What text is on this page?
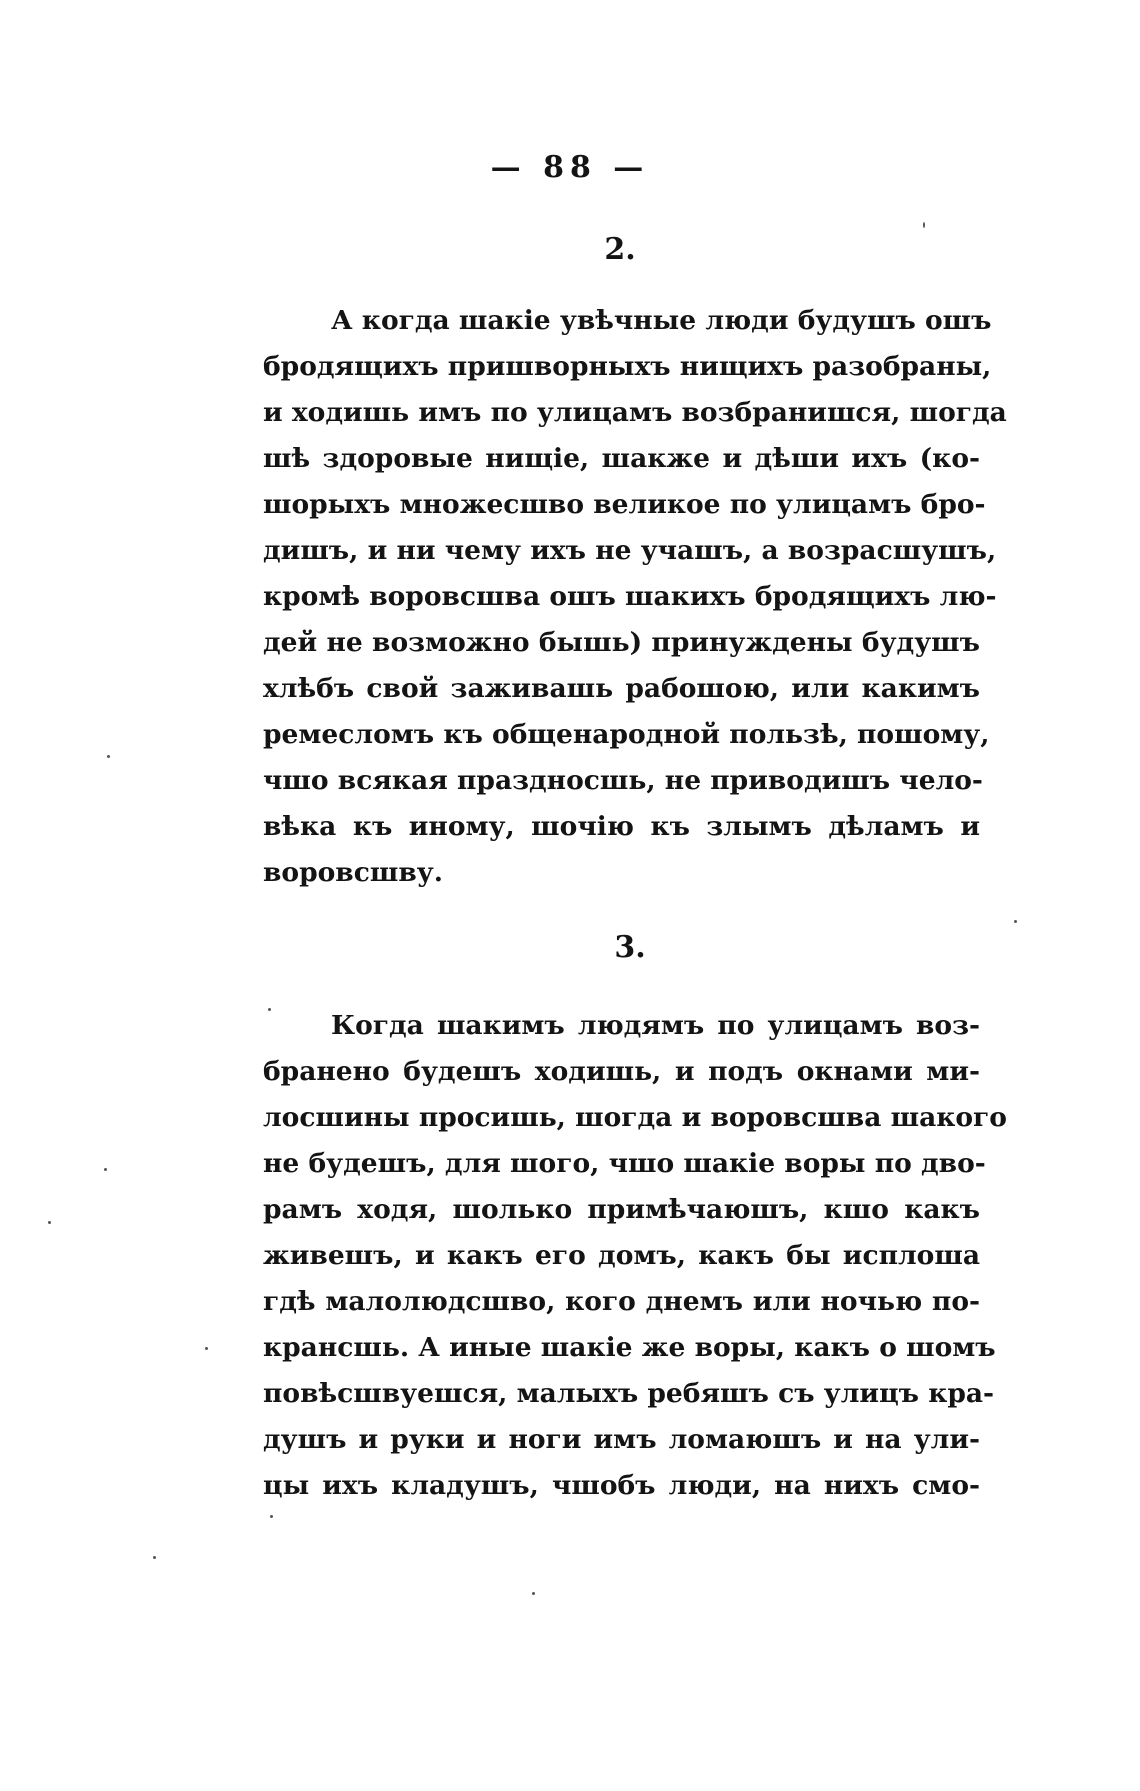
— 88 —
2.
А когда шакіе увѣчные люди будушъ ошъ
бродящихъ пришворныхъ нищихъ разобраны,
и ходишь имъ по улицамъ возбранишся, шогда
шѣ здоровые нищіе, шакже и дѣши ихъ (ко-
шорыхъ множесшво великое по улицамъ бро-
дишъ, и ни чему ихъ не учашъ, а возрасшушъ,
кромѣ воровсшва ошъ шакихъ бродящихъ лю-
дей не возможно бышь) принуждены будушъ
хлѣбъ свой заживашь рабошою, или какимъ
ремесломъ къ общенародной пользѣ, пошому,
чшо всякая праздносшь, не приводишъ чело-
вѣка къ иному, шочію къ злымъ дѣламъ и
воровсшву.
3.
Когда шакимъ людямъ по улицамъ воз-
бранено будешъ ходишь, и подъ окнами ми-
лосшины просишь, шогда и воровсшва шакого
не будешъ, для шого, чшо шакіе воры по дво-
рамъ ходя, шолько примѣчаюшъ, кшо какъ
живешъ, и какъ его домъ, какъ бы исплоша
гдѣ малолюдсшво, кого днемъ или ночью по-
крансшь. А иные шакіе же воры, какъ о шомъ
повѣсшвуешся, малыхъ ребяшъ съ улицъ кра-
душъ и руки и ноги имъ ломаюшъ и на ули-
цы ихъ кладушъ, чшобъ люди, на нихъ смо-
